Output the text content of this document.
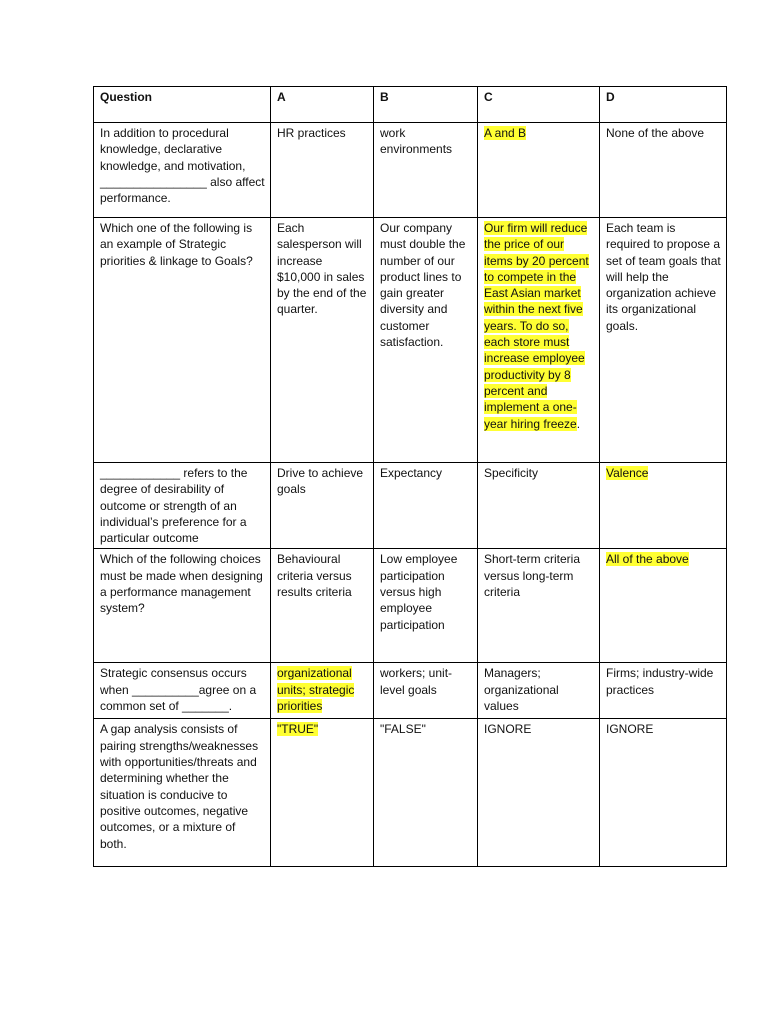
Question	A	B	C	D
In addition to procedural knowledge, declarative knowledge, and motivation, ________________ also affect performance.	HR practices	work environments	A and B	None of the above
Which one of the following is an example of Strategic priorities & linkage to Goals?	Each salesperson will increase $10,000 in sales by the end of the quarter.	Our company must double the number of our product lines to gain greater diversity and customer satisfaction.	Our firm will reduce the price of our items by 20 percent to compete in the East Asian market within the next five years. To do so, each store must increase employee productivity by 8 percent and implement a one-year hiring freeze.	Each team is required to propose a set of team goals that will help the organization achieve its organizational goals.
____________ refers to the degree of desirability of outcome or strength of an individual’s preference for a particular outcome	Drive to achieve goals	Expectancy	Specificity	Valence
Which of the following choices must be made when designing a performance management system?	Behavioural criteria versus results criteria	Low employee participation versus high employee participation	Short-term criteria versus long-term criteria	All of the above
Strategic consensus occurs when __________agree on a common set of _______.	organizational units; strategic priorities	workers; unit-level goals	Managers; organizational values	Firms; industry-wide practices
A gap analysis consists of pairing strengths/weaknesses with opportunities/threats and determining whether the situation is conducive to positive outcomes, negative outcomes, or a mixture of both.	"TRUE"	"FALSE"	IGNORE	IGNORE
